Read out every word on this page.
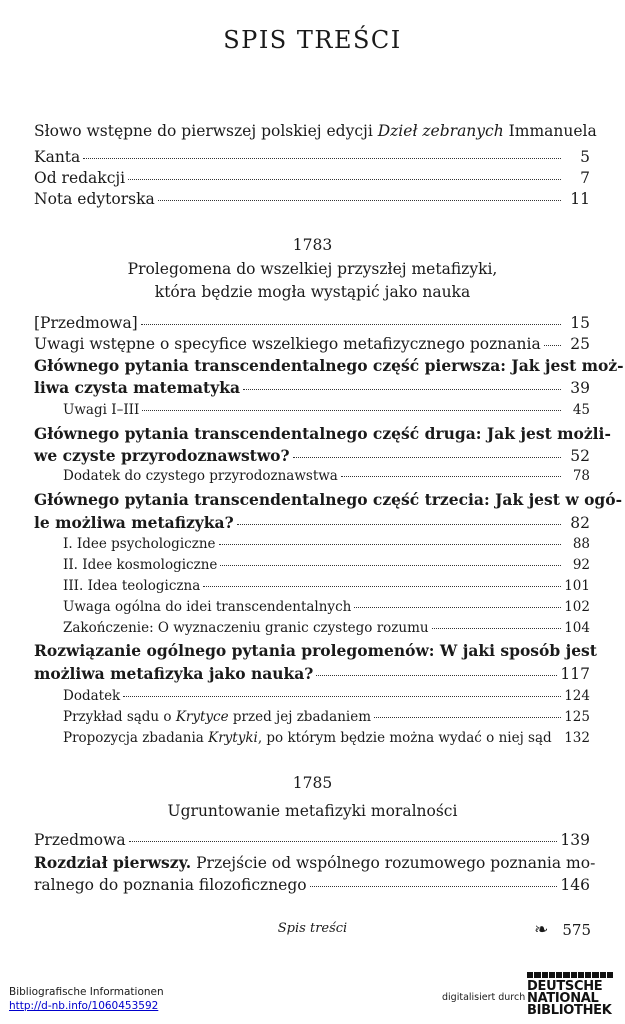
SPIS TREŚCI
Słowo wstępne do pierwszej polskiej edycji Dzieł zebranych Immanuela
Kanta	5
Od redakcji	7
Nota edytorska	11
1783
Prolegomena do wszelkiej przyszłej metafizyki,
która będzie mogła wystąpić jako nauka
[Przedmowa]	15
Uwagi wstępne o specyfice wszelkiego metafizycznego poznania	25
Głównego pytania transcendentalnego część pierwsza: Jak jest moż-
liwa czysta matematyka	39
Uwagi I–III	45
Głównego pytania transcendentalnego część druga: Jak jest możli-
we czyste przyrodoznawstwo?	52
Dodatek do czystego przyrodoznawstwa	78
Głównego pytania transcendentalnego część trzecia: Jak jest w ogó-
le możliwa metafizyka?	82
I. Idee psychologiczne	88
II. Idee kosmologiczne	92
III. Idea teologiczna	101
Uwaga ogólna do idei transcendentalnych	102
Zakończenie: O wyznaczeniu granic czystego rozumu	104
Rozwiązanie ogólnego pytania prolegomenów: W jaki sposób jest
możliwa metafizyka jako nauka?	117
Dodatek	124
Przykład sądu o Krytyce przed jej zbadaniem	125
Propozycja zbadania Krytyki, po którym będzie można wydać o niej sąd 132
1785
Ugruntowanie metafizyki moralności
Przedmowa	139
Rozdział pierwszy. Przejście od wspólnego rozumowego poznania mo-
ralnego do poznania filozoficznego	146
Spis treści	❧ 575
Bibliografische Informationen
http://d-nb.info/1060453592
digitalisiert durch
DEUTSCHE
NATIONAL
BIBLIOTHEK
